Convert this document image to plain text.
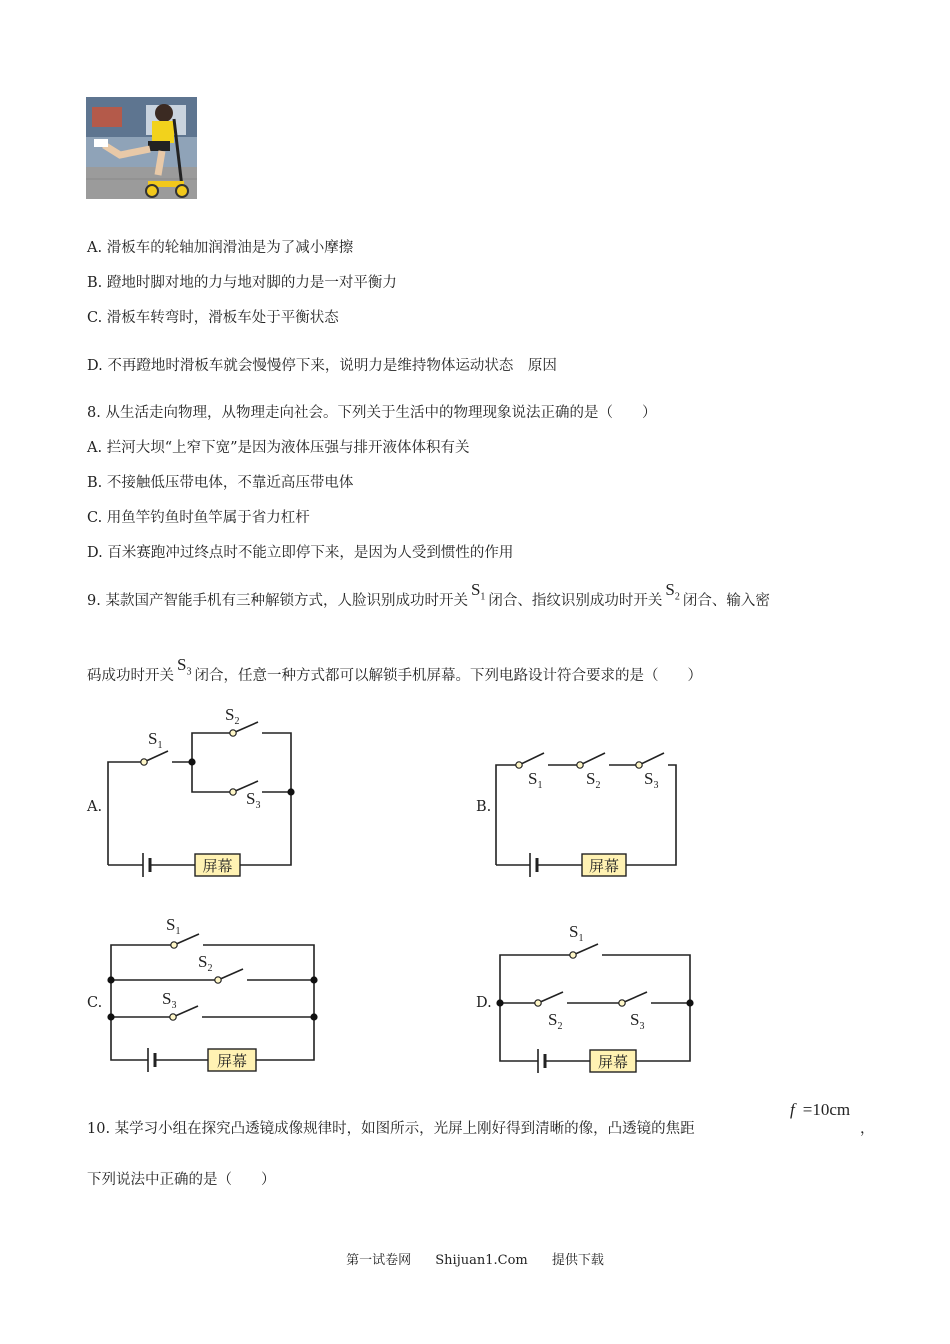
A. 滑板车的轮轴加润滑油是为了减小摩擦
B. 蹬地时脚对地的力与地对脚的力是一对平衡力
C. 滑板车转弯时，滑板车处于平衡状态
D. 不再蹬地时滑板车就会慢慢停下来，说明力是维持物体运动状态　原因
8. 从生活走向物理，从物理走向社会。下列关于生活中的物理现象说法正确的是（　　）
A. 拦河大坝“上窄下宽”是因为液体压强与排开液体体积有关
B. 不接触低压带电体，不靠近高压带电体
C. 用鱼竿钓鱼时鱼竿属于省力杠杆
D. 百米赛跑冲过终点时不能立即停下来，是因为人受到惯性的作用
9. 某款国产智能手机有三种解锁方式，人脸识别成功时开关$S_1$ 闭合、指纹识别成功时开关$S_2$ 闭合、输入密
码成功时开关$S_3$ 闭合，任意一种方式都可以解锁手机屏幕。下列电路设计符合要求的是（　　）
屏幕
$S_1$
$S_2$
$S_3$
A.
屏幕
$S_1$	$S_2$	$S_3$
B.
屏幕
$S_1$
$S_2$
$S_3$
C.
屏幕
$S_1$
$S_2$	$S_3$
D.
10. 某学习小组在探究凸透镜成像规律时，如图所示，光屏上刚好得到清晰的像，凸透镜的焦距
f =10cm
，
下列说法中正确的是（　　）
第一试卷网 Shijuan1.Com 提供下载
